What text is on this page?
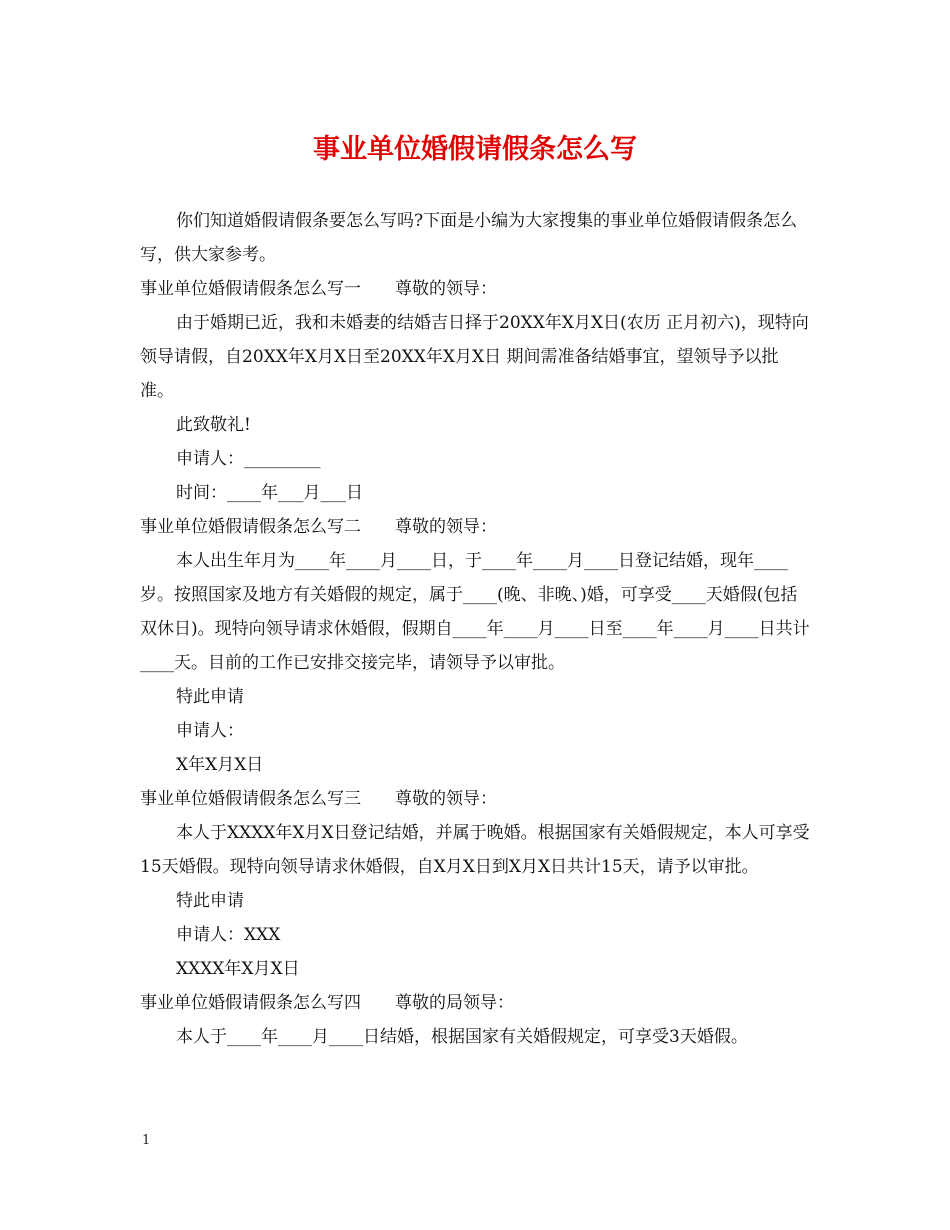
事业单位婚假请假条怎么写

你们知道婚假请假条要怎么写吗?下面是小编为大家搜集的事业单位婚假请假条怎么写，供大家参考。

事业单位婚假请假条怎么写一　　尊敬的领导：

由于婚期已近，我和未婚妻的结婚吉日择于20XX年X月X日(农历 正月初六)，现特向领导请假，自20XX年X月X日至20XX年X月X日 期间需准备结婚事宜，望领导予以批准。

此致敬礼!

申请人：_________

时间：____年___月___日

事业单位婚假请假条怎么写二　　尊敬的领导：

本人出生年月为____年____月____日，于____年____月____日登记结婚，现年____岁。按照国家及地方有关婚假的规定，属于____(晚、非晚、)婚，可享受____天婚假(包括双休日)。现特向领导请求休婚假，假期自____年____月____日至____年____月____日共计____天。目前的工作已安排交接完毕，请领导予以审批。

特此申请

申请人：

X年X月X日

事业单位婚假请假条怎么写三　　尊敬的领导：

本人于XXXX年X月X日登记结婚，并属于晚婚。根据国家有关婚假规定，本人可享受15天婚假。现特向领导请求休婚假，自X月X日到X月X日共计15天，请予以审批。

特此申请

申请人：XXX

XXXX年X月X日

事业单位婚假请假条怎么写四　　尊敬的局领导：

本人于____年____月____日结婚，根据国家有关婚假规定，可享受3天婚假。

1
